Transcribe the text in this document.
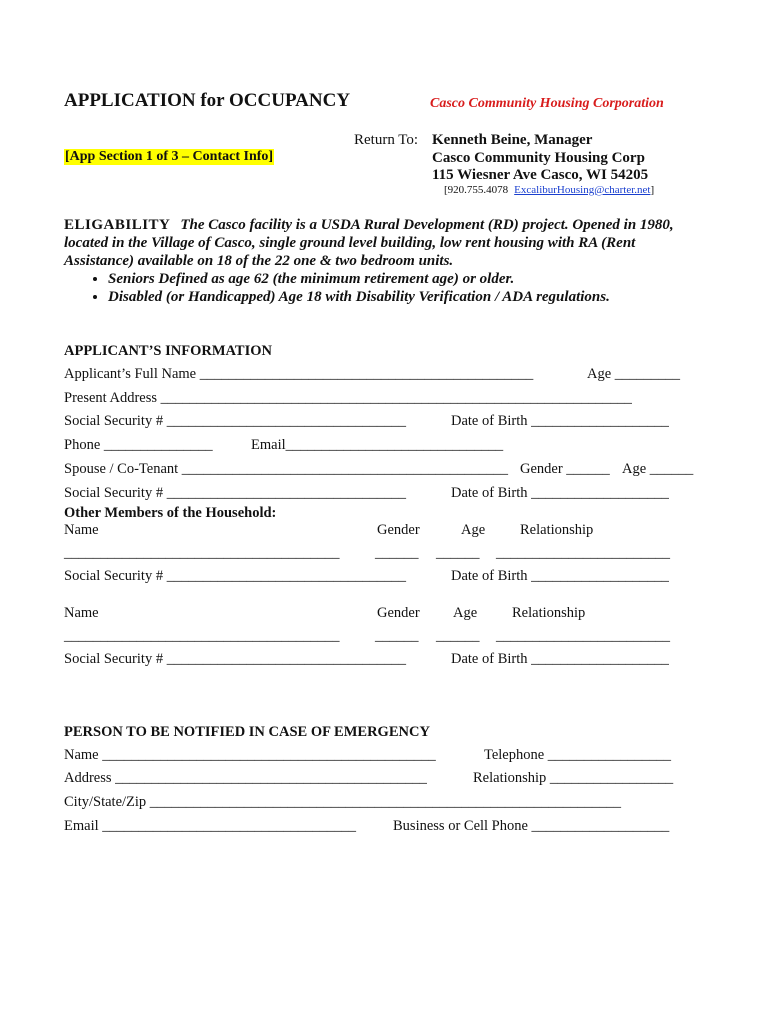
APPLICATION for OCCUPANCY	Casco Community Housing Corporation
Return To: Kenneth Beine, Manager
Casco Community Housing Corp
115 Wiesner Ave Casco, WI 54205
[App Section 1 of 3 – Contact Info]
[920.755.4078 ExcaliburHousing@charter.net]
ELIGABILITY The Casco facility is a USDA Rural Development (RD) project. Opened in 1980, located in the Village of Casco, single ground level building, low rent housing with RA (Rent Assistance) available on 18 of the 22 one & two bedroom units.
• Seniors Defined as age 62 (the minimum retirement age) or older.
• Disabled (or Handicapped) Age 18 with Disability Verification / ADA regulations.
APPLICANT’S INFORMATION
Applicant’s Full Name ______________________________________________	Age _________
Present Address _________________________________________________________________
Social Security # _________________________________	Date of Birth ___________________
Phone _______________	Email______________________________
Spouse / Co-Tenant _____________________________________________ Gender ______ Age ______
Social Security # _________________________________	Date of Birth ___________________
Other Members of the Household:
Name	Gender	Age Relationship
______________________________________ ______ ______ ________________________
Social Security # _________________________________	Date of Birth ___________________
Name	Gender Age Relationship
______________________________________ ______ ______ ________________________
Social Security # _________________________________	Date of Birth ___________________
PERSON TO BE NOTIFIED IN CASE OF EMERGENCY
Name ______________________________________________	Telephone _________________
Address ___________________________________________	Relationship _________________
City/State/Zip _________________________________________________________________
Email ___________________________________	Business or Cell Phone ___________________
